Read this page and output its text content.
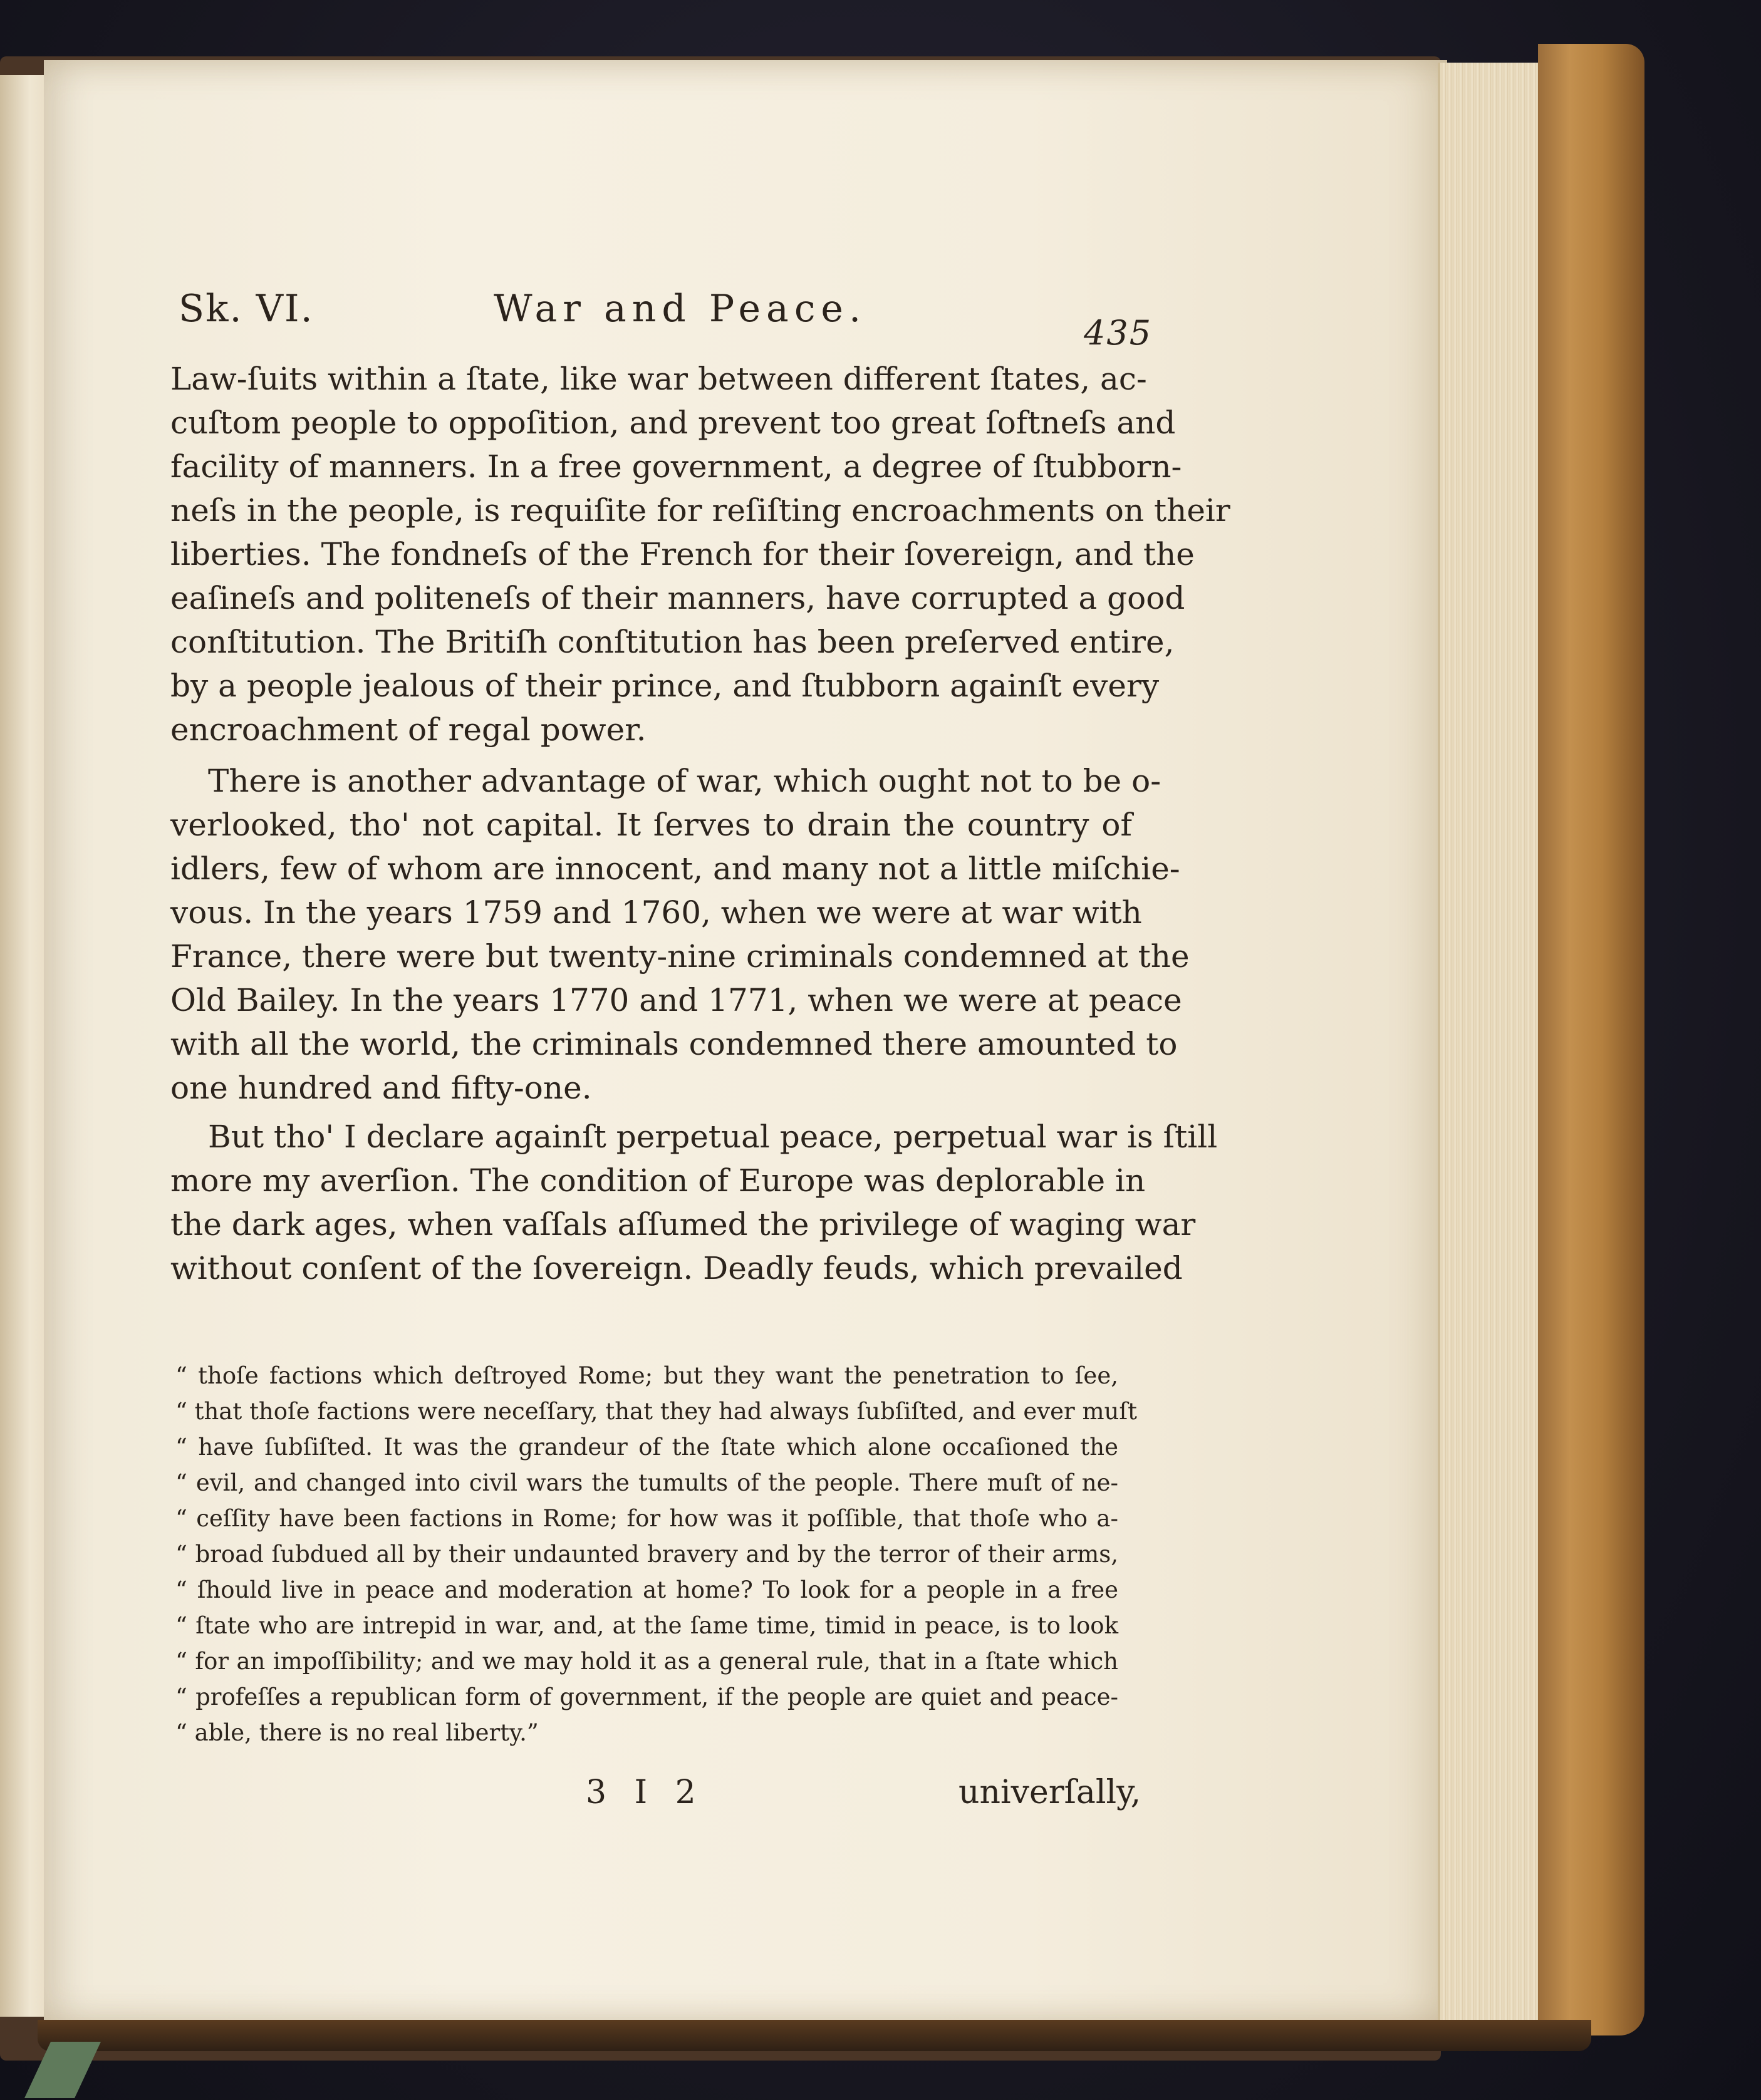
Sk. VI.	War and Peace.
435
Law-ſuits within a ſtate, like war between different ſtates, ac-
cuſtom people to oppoſition, and prevent too great ſoftneſs and
facility of manners. In a free government, a degree of ſtubborn-
neſs in the people, is requiſite for reſiſting encroachments on their
liberties. The fondneſs of the French for their ſovereign, and the
eaſineſs and politeneſs of their manners, have corrupted a good
conſtitution. The Britiſh conſtitution has been preſerved entire,
by a people jealous of their prince, and ſtubborn againſt every
encroachment of regal power.
There is another advantage of war, which ought not to be o-
verlooked, tho' not capital. It ſerves to drain the country of
idlers, few of whom are innocent, and many not a little miſchie-
vous. In the years 1759 and 1760, when we were at war with
France, there were but twenty-nine criminals condemned at the
Old Bailey. In the years 1770 and 1771, when we were at peace
with all the world, the criminals condemned there amounted to
one hundred and fifty-one.
But tho' I declare againſt perpetual peace, perpetual war is ſtill
more my averſion. The condition of Europe was deplorable in
the dark ages, when vaſſals aſſumed the privilege of waging war
without conſent of the ſovereign. Deadly feuds, which prevailed
“ thoſe factions which deſtroyed Rome; but they want the penetration to ſee,
“ that thoſe factions were neceſſary, that they had always ſubſiſted, and ever muſt
“ have ſubſiſted. It was the grandeur of the ſtate which alone occaſioned the
“ evil, and changed into civil wars the tumults of the people. There muſt of ne-
“ ceſſity have been factions in Rome; for how was it poſſible, that thoſe who a-
“ broad ſubdued all by their undaunted bravery and by the terror of their arms,
“ ſhould live in peace and moderation at home? To look for a people in a free
“ ſtate who are intrepid in war, and, at the ſame time, timid in peace, is to look
“ for an impoſſibility; and we may hold it as a general rule, that in a ſtate which
“ profeſſes a republican form of government, if the people are quiet and peace-
“ able, there is no real liberty.”
3 I 2	univerſally,
